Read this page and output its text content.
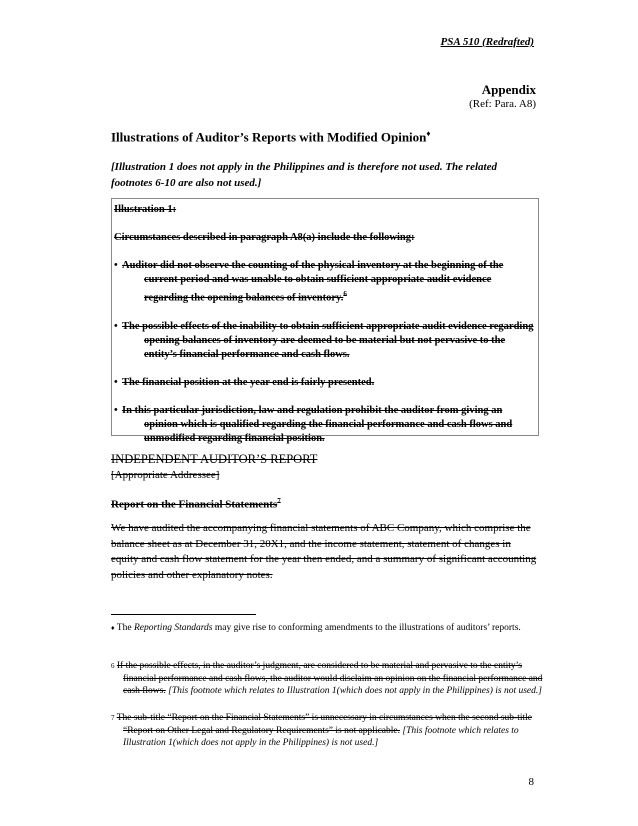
PSA 510 (Redrafted)
Appendix
(Ref: Para. A8)
Illustrations of Auditor’s Reports with Modified Opinion♦
[Illustration 1 does not apply in the Philippines and is therefore not used. The related footnotes 6-10 are also not used.]

Illustration 1:

Circumstances described in paragraph A8(a) include the following:

• Auditor did not observe the counting of the physical inventory at the beginning of the current period and was unable to obtain sufficient appropriate audit evidence regarding the opening balances of inventory.$^6$

• The possible effects of the inability to obtain sufficient appropriate audit evidence regarding opening balances of inventory are deemed to be material but not pervasive to the entity’s financial performance and cash flows.

• The financial position at the year end is fairly presented.

• In this particular jurisdiction, law and regulation prohibit the auditor from giving an opinion which is qualified regarding the financial performance and cash flows and unmodified regarding financial position.

INDEPENDENT AUDITOR’S REPORT
[Appropriate Addressee]
Report on the Financial Statements$^7$
We have audited the accompanying financial statements of ABC Company, which comprise the balance sheet as at December 31, 20X1, and the income statement, statement of changes in equity and cash flow statement for the year then ended, and a summary of significant accounting policies and other explanatory notes.
♦ The Reporting Standards may give rise to conforming amendments to the illustrations of auditors’ reports.
$^6$ If the possible effects, in the auditor’s judgment, are considered to be material and pervasive to the entity’s financial performance and cash flows, the auditor would disclaim an opinion on the financial performance and cash flows. [This footnote which relates to Illustration 1(which does not apply in the Philippines) is not used.]
$^7$ The sub-title “Report on the Financial Statements” is unnecessary in circumstances when the second sub-title “Report on Other Legal and Regulatory Requirements” is not applicable. [This footnote which relates to Illustration 1(which does not apply in the Philippines) is not used.]
8
